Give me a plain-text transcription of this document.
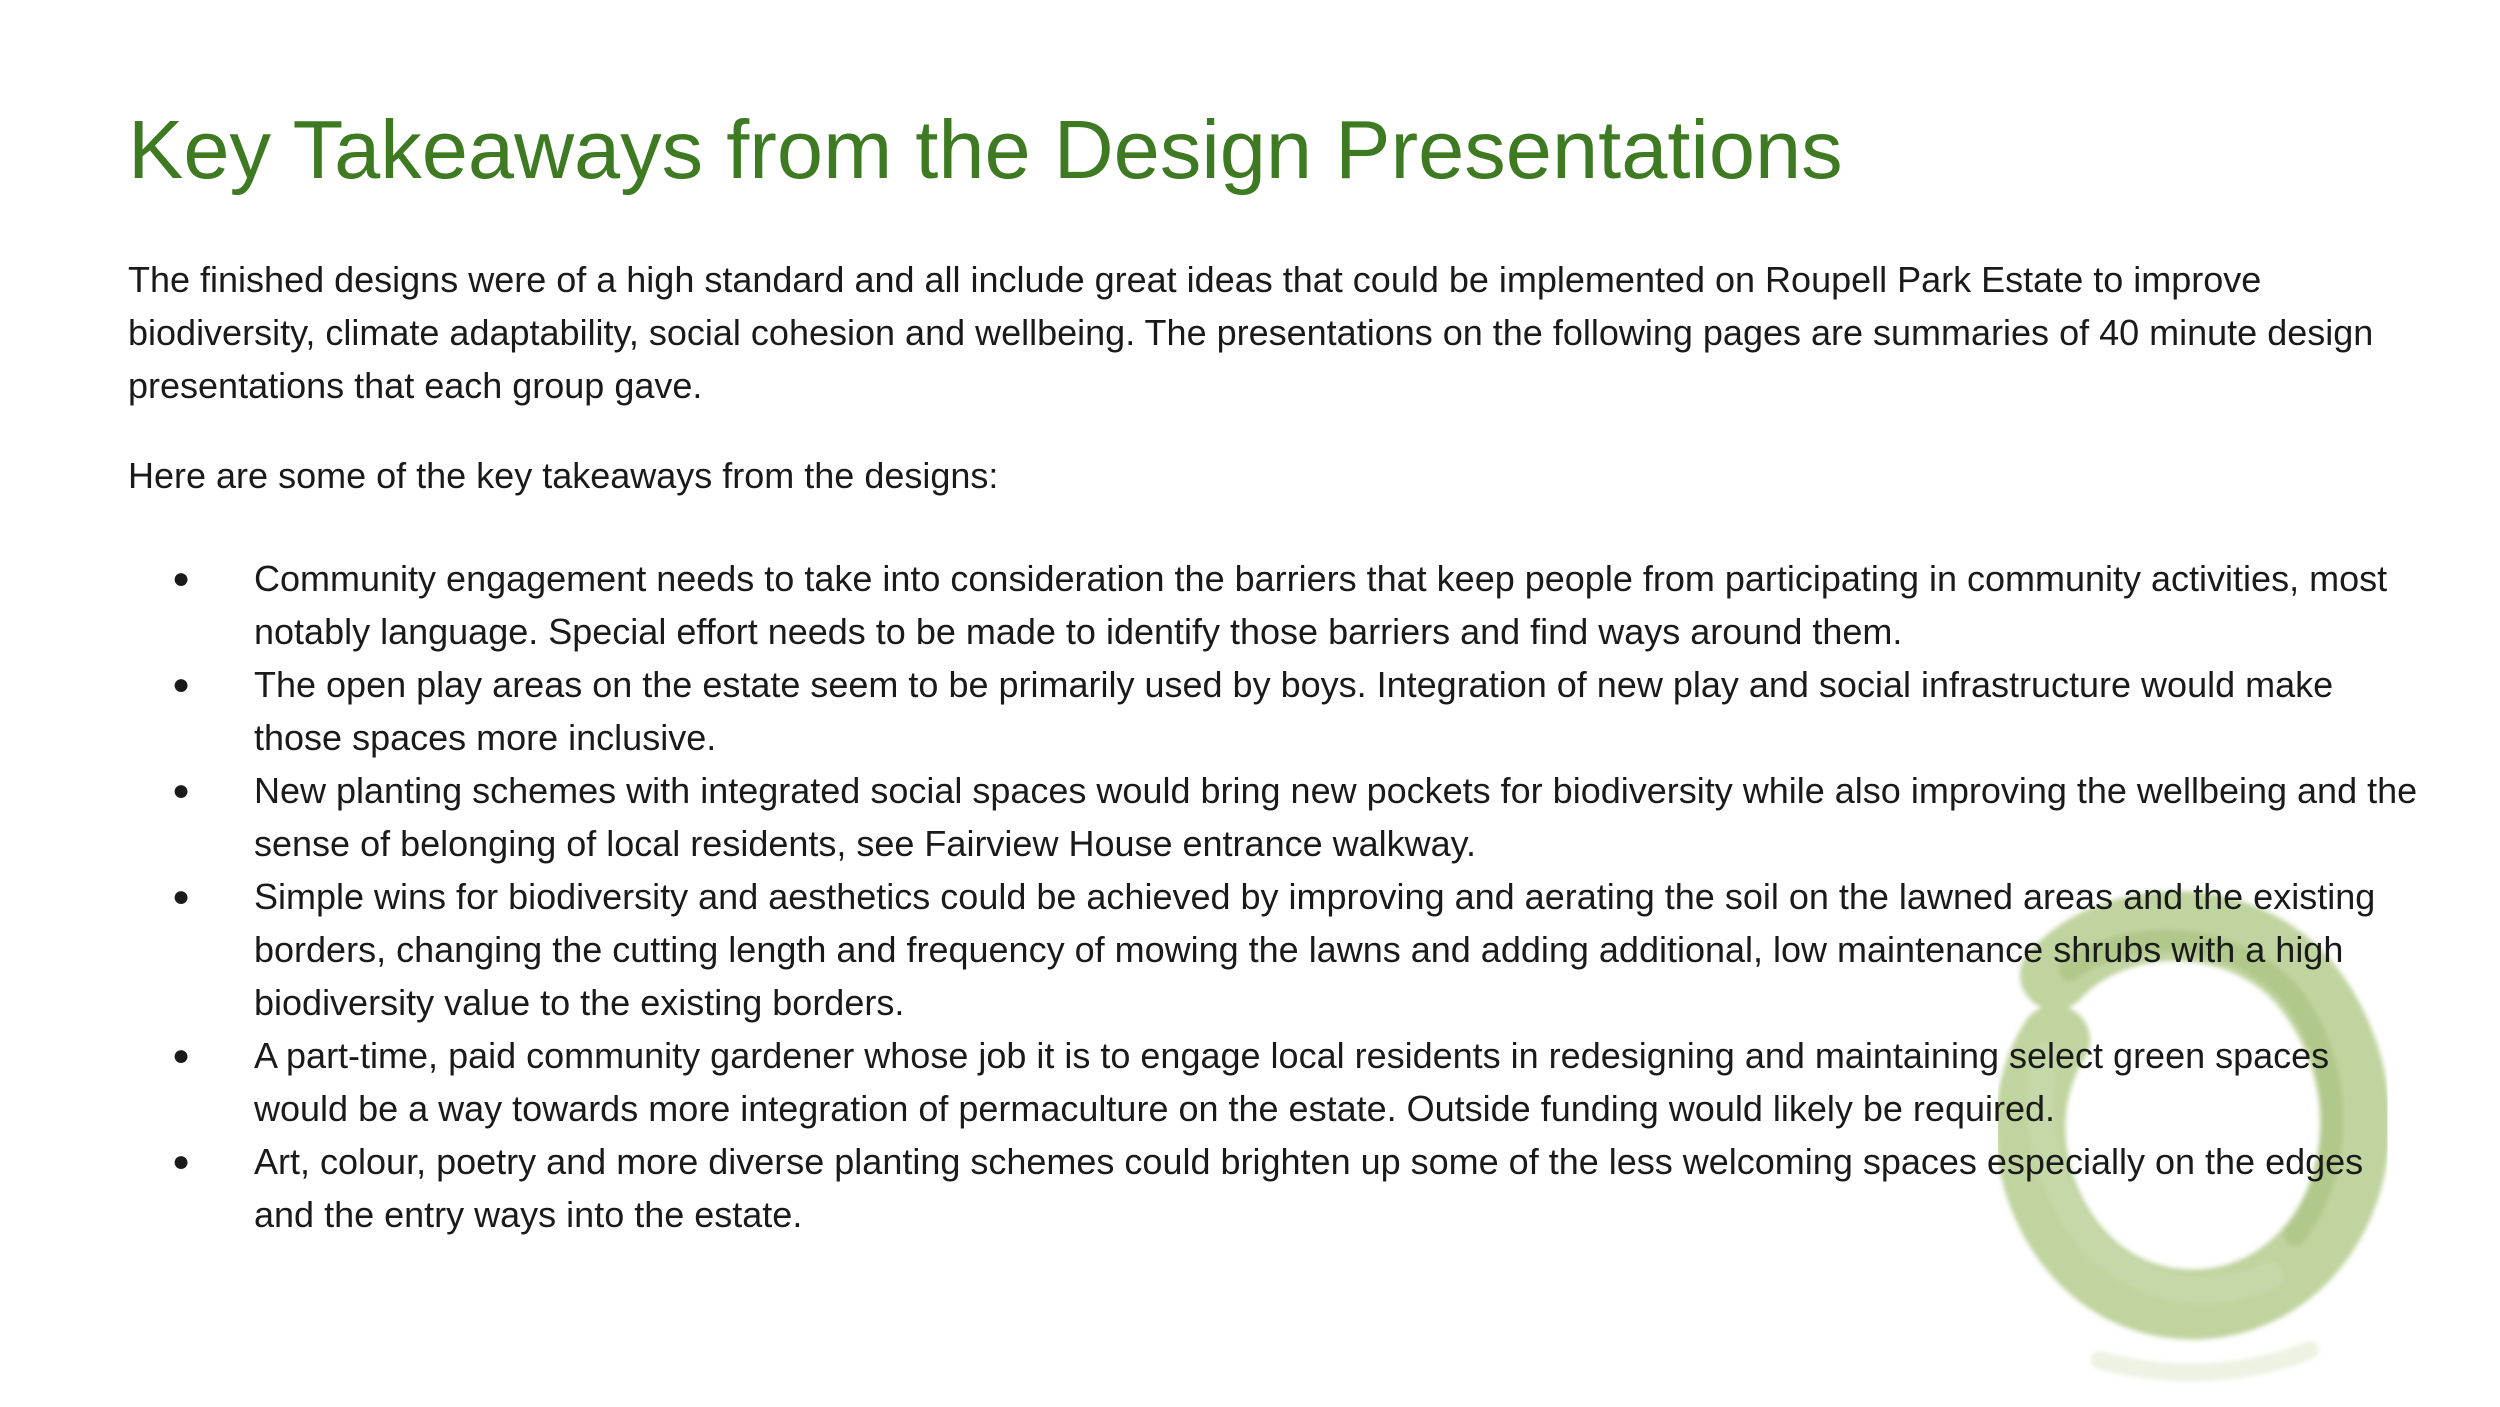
Key Takeaways from the Design Presentations

The finished designs were of a high standard and all include great ideas that could be implemented on Roupell Park Estate to improve biodiversity, climate adaptability, social cohesion and wellbeing. The presentations on the following pages are summaries of 40 minute design presentations that each group gave.

Here are some of the key takeaways from the designs:

● Community engagement needs to take into consideration the barriers that keep people from participating in community activities, most notably language. Special effort needs to be made to identify those barriers and find ways around them.
● The open play areas on the estate seem to be primarily used by boys. Integration of new play and social infrastructure would make those spaces more inclusive.
● New planting schemes with integrated social spaces would bring new pockets for biodiversity while also improving the wellbeing and the sense of belonging of local residents, see Fairview House entrance walkway.
● Simple wins for biodiversity and aesthetics could be achieved by improving and aerating the soil on the lawned areas and the existing borders, changing the cutting length and frequency of mowing the lawns and adding additional, low maintenance shrubs with a high biodiversity value to the existing borders.
● A part-time, paid community gardener whose job it is to engage local residents in redesigning and maintaining select green spaces would be a way towards more integration of permaculture on the estate. Outside funding would likely be required.
● Art, colour, poetry and more diverse planting schemes could brighten up some of the less welcoming spaces especially on the edges and the entry ways into the estate.
